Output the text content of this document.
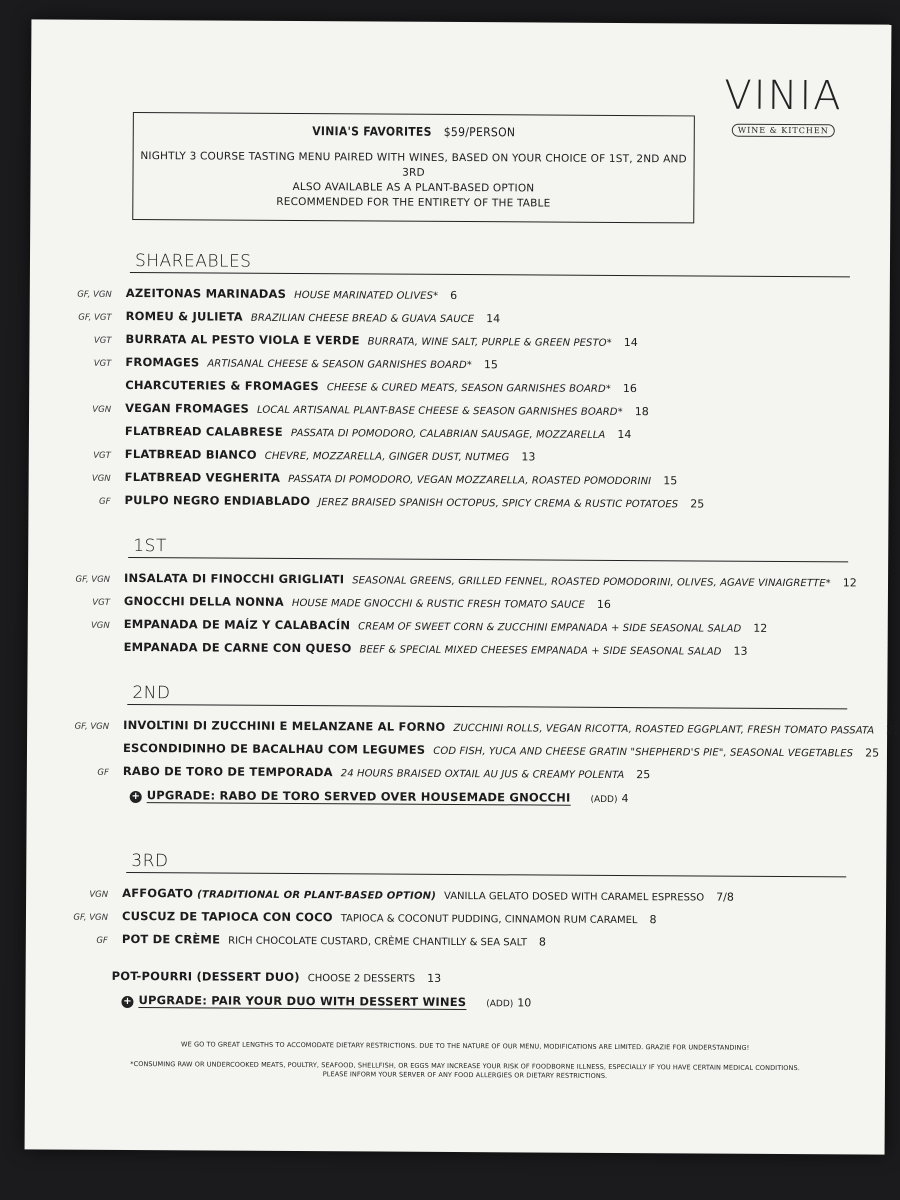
VINIA
WINE & KITCHEN
VINIA'S FAVORITES $59/PERSON
NIGHTLY 3 COURSE TASTING MENU PAIRED WITH WINES, BASED ON YOUR CHOICE OF 1ST, 2ND AND 3RD
ALSO AVAILABLE AS A PLANT-BASED OPTION
RECOMMENDED FOR THE ENTIRETY OF THE TABLE
SHAREABLES
GF, VGN AZEITONAS MARINADAS HOUSE MARINATED OLIVES* 6
GF, VGT ROMEU & JULIETA BRAZILIAN CHEESE BREAD & GUAVA SAUCE 14
VGT BURRATA AL PESTO VIOLA E VERDE BURRATA, WINE SALT, PURPLE & GREEN PESTO* 14
VGT FROMAGES ARTISANAL CHEESE & SEASON GARNISHES BOARD* 15
CHARCUTERIES & FROMAGES CHEESE & CURED MEATS, SEASON GARNISHES BOARD* 16
VGN VEGAN FROMAGES LOCAL ARTISANAL PLANT-BASE CHEESE & SEASON GARNISHES BOARD* 18
FLATBREAD CALABRESE PASSATA DI POMODORO, CALABRIAN SAUSAGE, MOZZARELLA 14
VGT FLATBREAD BIANCO CHEVRE, MOZZARELLA, GINGER DUST, NUTMEG 13
VGN FLATBREAD VEGHERITA PASSATA DI POMODORO, VEGAN MOZZARELLA, ROASTED POMODORINI 15
GF PULPO NEGRO ENDIABLADO JEREZ BRAISED SPANISH OCTOPUS, SPICY CREMA & RUSTIC POTATOES 25
1ST
GF, VGN INSALATA DI FINOCCHI GRIGLIATI SEASONAL GREENS, GRILLED FENNEL, ROASTED POMODORINI, OLIVES, AGAVE VINAIGRETTE* 12
VGT GNOCCHI DELLA NONNA HOUSE MADE GNOCCHI & RUSTIC FRESH TOMATO SAUCE 16
VGN EMPANADA DE MAÍZ Y CALABACÍN CREAM OF SWEET CORN & ZUCCHINI EMPANADA + SIDE SEASONAL SALAD 12
EMPANADA DE CARNE CON QUESO BEEF & SPECIAL MIXED CHEESES EMPANADA + SIDE SEASONAL SALAD 13
2ND
GF, VGN INVOLTINI DI ZUCCHINI E MELANZANE AL FORNO ZUCCHINI ROLLS, VEGAN RICOTTA, ROASTED EGGPLANT, FRESH TOMATO PASSATA 22
ESCONDIDINHO DE BACALHAU COM LEGUMES COD FISH, YUCA AND CHEESE GRATIN "SHEPHERD'S PIE", SEASONAL VEGETABLES 25
GF RABO DE TORO DE TEMPORADA 24 HOURS BRAISED OXTAIL AU JUS & CREAMY POLENTA 25
+ UPGRADE: RABO DE TORO SERVED OVER HOUSEMADE GNOCCHI (ADD) 4
3RD
VGN AFFOGATO (TRADITIONAL OR PLANT-BASED OPTION) VANILLA GELATO DOSED WITH CARAMEL ESPRESSO 7/8
GF, VGN CUSCUZ DE TAPIOCA CON COCO TAPIOCA & COCONUT PUDDING, CINNAMON RUM CARAMEL 8
GF POT DE CRÈME RICH CHOCOLATE CUSTARD, CRÈME CHANTILLY & SEA SALT 8
POT-POURRI (DESSERT DUO) CHOOSE 2 DESSERTS 13
+ UPGRADE: PAIR YOUR DUO WITH DESSERT WINES (ADD) 10
WE GO TO GREAT LENGTHS TO ACCOMODATE DIETARY RESTRICTIONS. DUE TO THE NATURE OF OUR MENU, MODIFICATIONS ARE LIMITED. GRAZIE FOR UNDERSTANDING!
*CONSUMING RAW OR UNDERCOOKED MEATS, POULTRY, SEAFOOD, SHELLFISH, OR EGGS MAY INCREASE YOUR RISK OF FOODBORNE ILLNESS, ESPECIALLY IF YOU HAVE CERTAIN MEDICAL CONDITIONS.
PLEASE INFORM YOUR SERVER OF ANY FOOD ALLERGIES OR DIETARY RESTRICTIONS.
